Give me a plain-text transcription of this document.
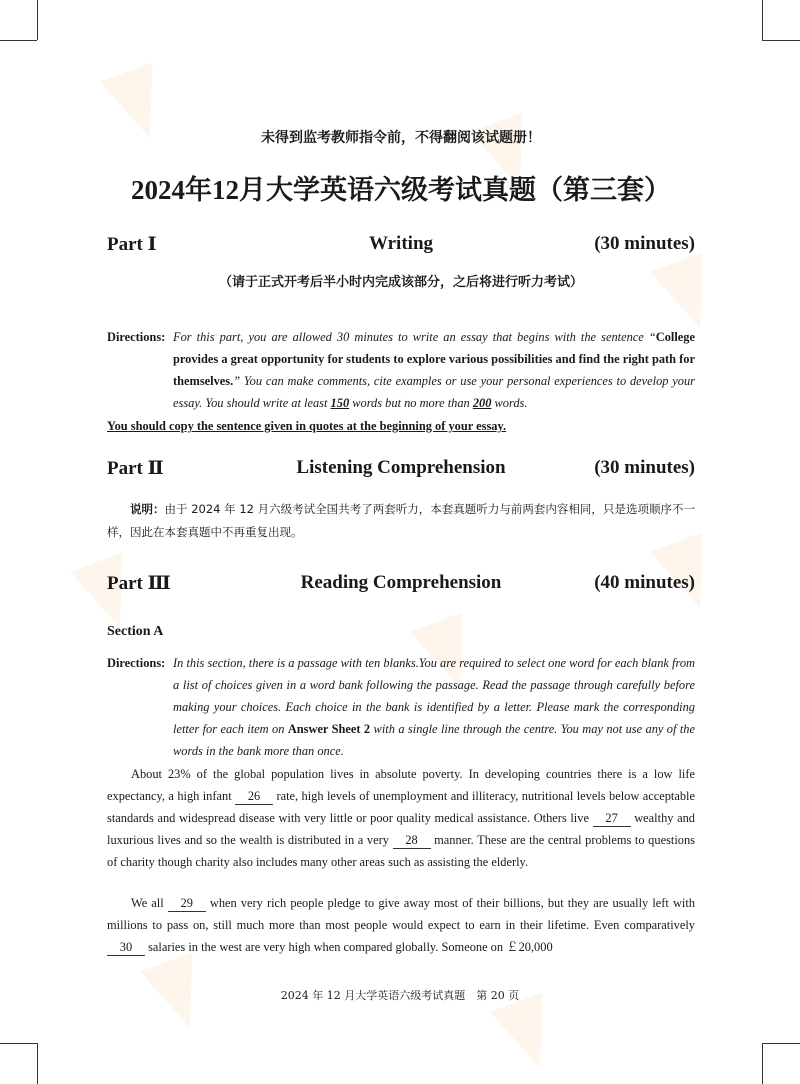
未得到监考教师指令前，不得翻阅该试题册！
2024年12月大学英语六级考试真题（第三套）
Part Ⅰ	Writing	(30 minutes)
（请于正式开考后半小时内完成该部分，之后将进行听力考试）
Directions: For this part, you are allowed 30 minutes to write an essay that begins with the sentence “College provides a great opportunity for students to explore various possibilities and find the right path for themselves.” You can make comments, cite examples or use your personal experiences to develop your essay. You should write at least 150 words but no more than 200 words.
You should copy the sentence given in quotes at the beginning of your essay.
Part Ⅱ	Listening Comprehension	(30 minutes)
说明：由于 2024 年 12 月六级考试全国共考了两套听力，本套真题听力与前两套内容相同，只是选项顺序不一样，因此在本套真题中不再重复出现。
Part Ⅲ	Reading Comprehension	(40 minutes)
Section A
Directions: In this section, there is a passage with ten blanks.You are required to select one word for each blank from a list of choices given in a word bank following the passage. Read the passage through carefully before making your choices. Each choice in the bank is identified by a letter. Please mark the corresponding letter for each item on Answer Sheet 2 with a single line through the centre. You may not use any of the words in the bank more than once.
About 23% of the global population lives in absolute poverty. In developing countries there is a low life expectancy, a high infant 26 rate, high levels of unemployment and illiteracy, nutritional levels below acceptable standards and widespread disease with very little or poor quality medical assistance. Others live 27 wealthy and luxurious lives and so the wealth is distributed in a very 28 manner. These are the central problems to questions of charity though charity also includes many other areas such as assisting the elderly.
We all 29 when very rich people pledge to give away most of their billions, but they are usually left with millions to pass on, still much more than most people would expect to earn in their lifetime. Even comparatively 30 salaries in the west are very high when compared globally. Someone on ￡20,000
2024 年 12 月大学英语六级考试真题　第 20 页
